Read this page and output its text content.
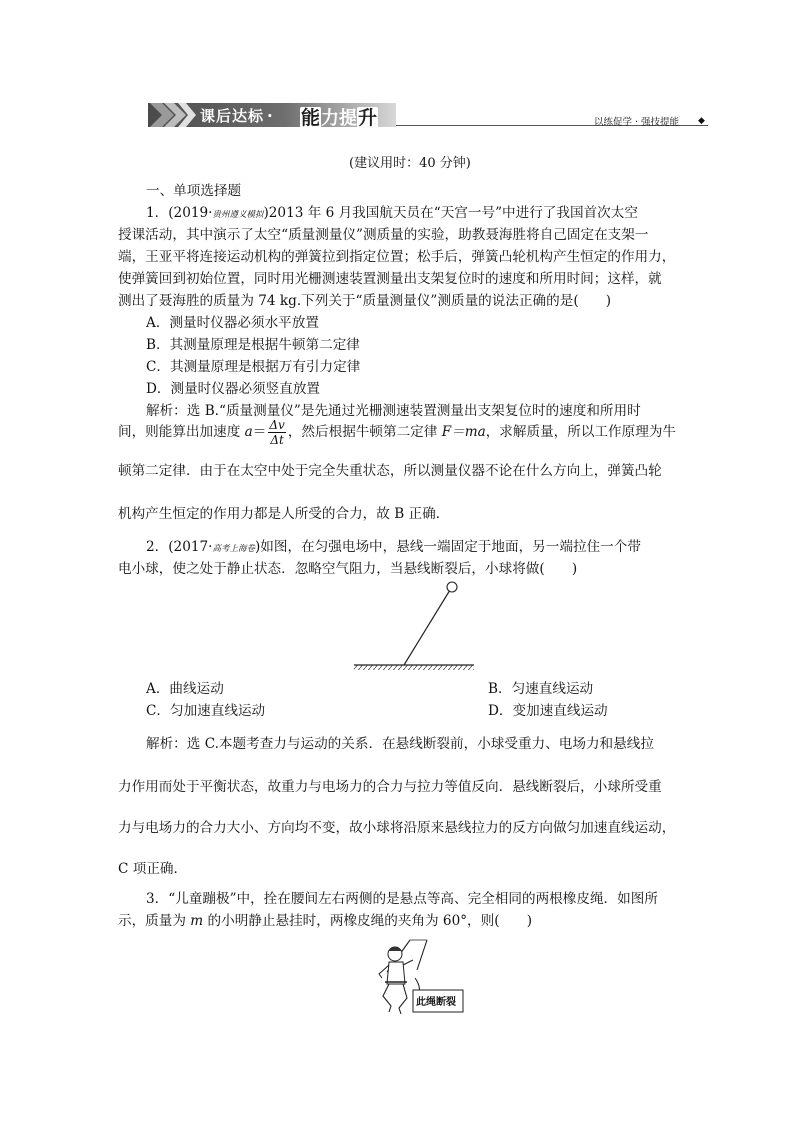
课后达标 · 能力提升	以练促学 · 强技提能 ◆
(建议用时：40 分钟)
一、单项选择题
1．(2019·贵州遵义模拟)2013 年 6 月我国航天员在“天宫一号”中进行了我国首次太空
授课活动，其中演示了太空“质量测量仪”测质量的实验，助教聂海胜将自己固定在支架一
端，王亚平将连接运动机构的弹簧拉到指定位置；松手后，弹簧凸轮机构产生恒定的作用力，
使弹簧回到初始位置，同时用光栅测速装置测量出支架复位时的速度和所用时间；这样，就
测出了聂海胜的质量为 74 kg.下列关于“质量测量仪”测质量的说法正确的是(　　)
A．测量时仪器必须水平放置
B．其测量原理是根据牛顿第二定律
C．其测量原理是根据万有引力定律
D．测量时仪器必须竖直放置
解析：选 B.“质量测量仪”是先通过光栅测速装置测量出支架复位时的速度和所用时
间，则能算出加速度 $a= \frac{\Delta v}{\Delta t}$ ，然后根据牛顿第二定律 F＝ma，求解质量，所以工作原理为牛
顿第二定律．由于在太空中处于完全失重状态，所以测量仪器不论在什么方向上，弹簧凸轮
机构产生恒定的作用力都是人所受的合力，故 B 正确．
2．(2017·高考上海卷)如图，在匀强电场中，悬线一端固定于地面，另一端拉住一个带
电小球，使之处于静止状态．忽略空气阻力，当悬线断裂后，小球将做(　　)
A．曲线运动	B．匀速直线运动
C．匀加速直线运动	D．变加速直线运动
解析：选 C.本题考查力与运动的关系．在悬线断裂前，小球受重力、电场力和悬线拉
力作用而处于平衡状态，故重力与电场力的合力与拉力等值反向．悬线断裂后，小球所受重
力与电场力的合力大小、方向均不变，故小球将沿原来悬线拉力的反方向做匀加速直线运动，
C 项正确．
3．“儿童蹦极”中，拴在腰间左右两侧的是悬点等高、完全相同的两根橡皮绳．如图所
示，质量为 m 的小明静止悬挂时，两橡皮绳的夹角为 60°，则(　　)
此绳断裂
